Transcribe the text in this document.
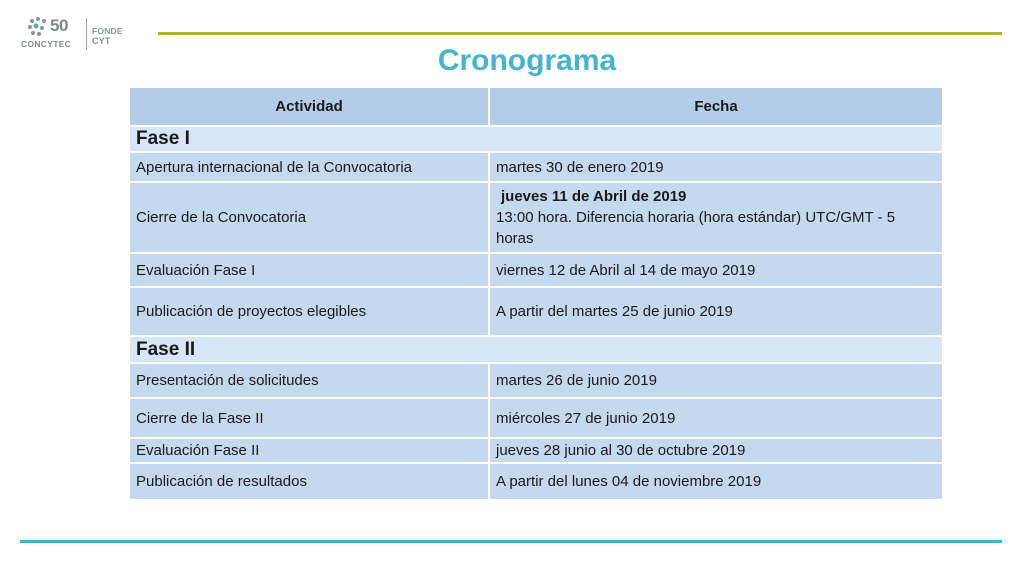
50
CONCYTEC
FONDE
CYT
Cronograma
Actividad	Fecha
Fase I	
Apertura internacional de la Convocatoria	martes 30 de enero 2019
Cierre de la Convocatoria	jueves 11 de Abril de 2019
13:00 hora. Diferencia horaria (hora estándar) UTC/GMT - 5 horas

Evaluación Fase I	viernes 12 de Abril al 14 de mayo 2019
Publicación de proyectos elegibles	A partir del martes 25 de junio 2019
Fase II	
Presentación de solicitudes	martes 26 de junio 2019
Cierre de la Fase II	miércoles 27 de junio 2019
Evaluación Fase II	jueves 28 junio al 30 de octubre 2019
Publicación de resultados	A partir del lunes 04 de noviembre 2019
